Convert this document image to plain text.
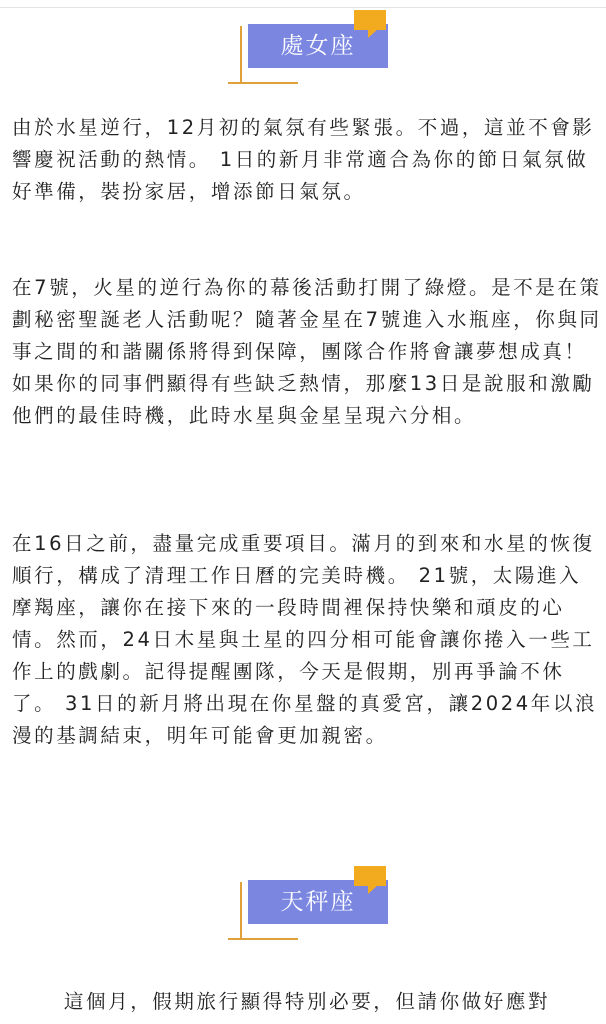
處女座

由於水星逆行，12月初的氣氛有些緊張。不過，這並不會影響慶祝活動的熱情。 1日的新月非常適合為你的節日氣氛做好準備，裝扮家居，增添節日氣氛。

在7號，火星的逆行為你的幕後活動打開了綠燈。是不是在策劃秘密聖誕老人活動呢？隨著金星在7號進入水瓶座，你與同事之間的和諧關係將得到保障，團隊合作將會讓夢想成真！如果你的同事們顯得有些缺乏熱情，那麼13日是說服和激勵他們的最佳時機，此時水星與金星呈現六分相。

在16日之前，盡量完成重要項目。滿月的到來和水星的恢復順行，構成了清理工作日曆的完美時機。 21號，太陽進入摩羯座，讓你在接下來的一段時間裡保持快樂和頑皮的心情。然而，24日木星與土星的四分相可能會讓你捲入一些工作上的戲劇。記得提醒團隊，今天是假期，別再爭論不休了。 31日的新月將出現在你星盤的真愛宮，讓2024年以浪漫的基調結束，明年可能會更加親密。

天秤座

這個月，假期旅行顯得特別必要，但請你做好應對
